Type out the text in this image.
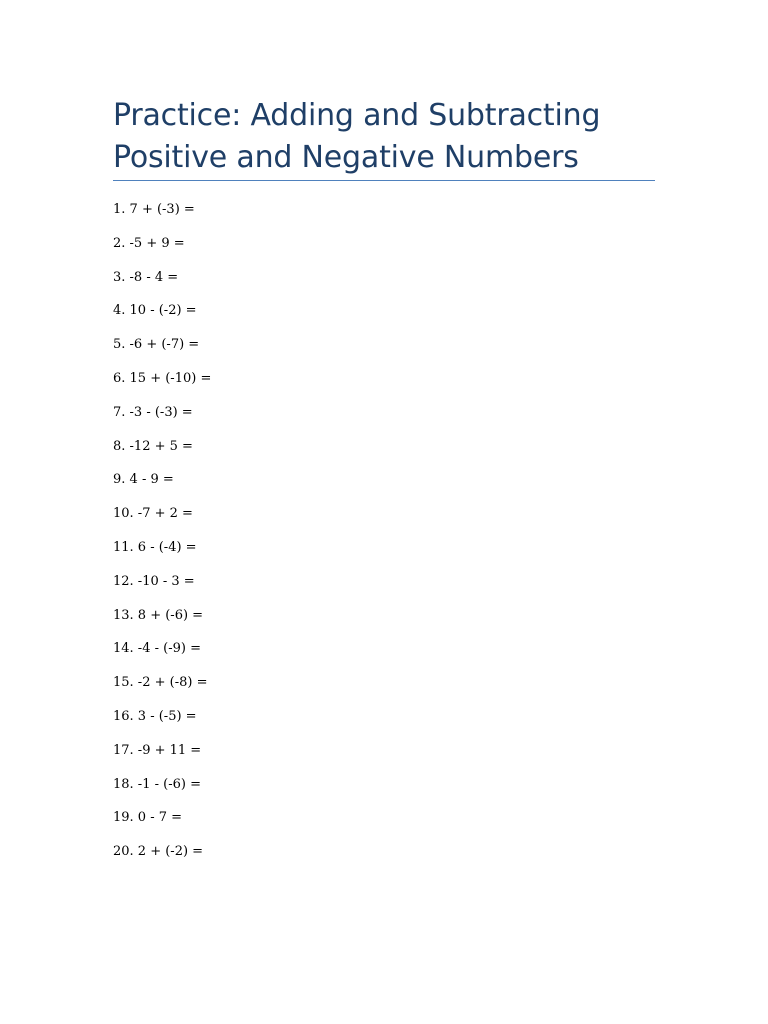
Practice: Adding and Subtracting
Positive and Negative Numbers
1. 7 + (-3) =
2. -5 + 9 =
3. -8 - 4 =
4. 10 - (-2) =
5. -6 + (-7) =
6. 15 + (-10) =
7. -3 - (-3) =
8. -12 + 5 =
9. 4 - 9 =
10. -7 + 2 =
11. 6 - (-4) =
12. -10 - 3 =
13. 8 + (-6) =
14. -4 - (-9) =
15. -2 + (-8) =
16. 3 - (-5) =
17. -9 + 11 =
18. -1 - (-6) =
19. 0 - 7 =
20. 2 + (-2) =
